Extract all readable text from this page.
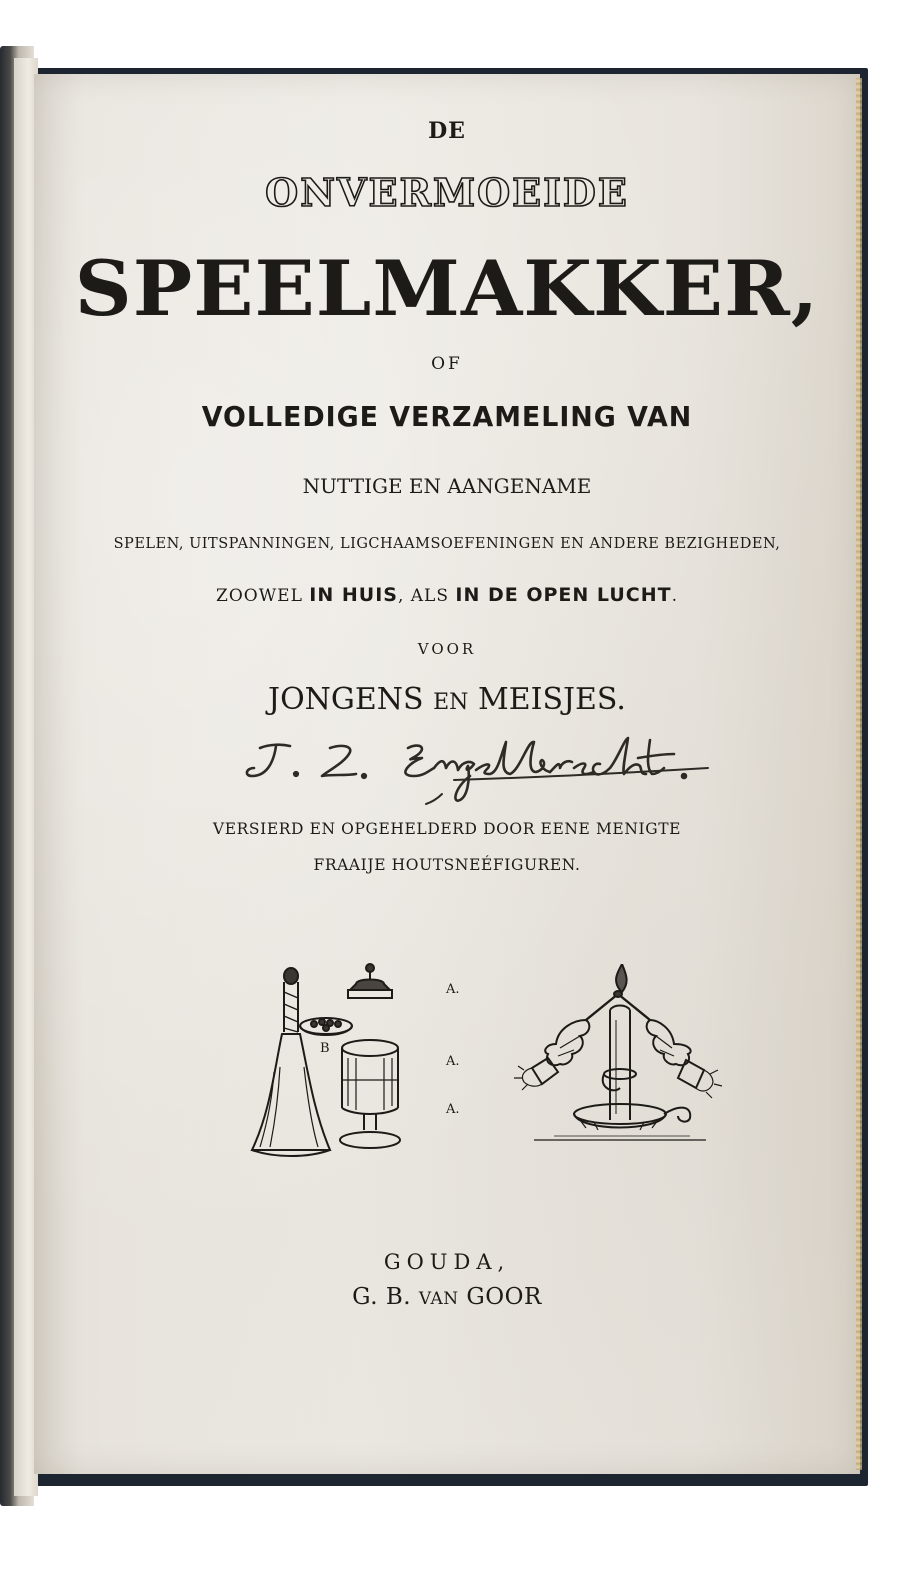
DE
ONVERMOEIDE
SPEELMAKKER,
OF
VOLLEDIGE VERZAMELING VAN
NUTTIGE EN AANGENAME
SPELEN, UITSPANNINGEN, LIGCHAAMSOEFENINGEN EN ANDERE BEZIGHEDEN,
ZOOWEL IN HUIS, ALS IN DE OPEN LUCHT.
VOOR
JONGENS EN MEISJES.
VERSIERD EN OPGEHELDERD DOOR EENE MENIGTE
FRAAIJE HOUTSNEÉFIGUREN.
A.
B
A.
A.
GOUDA,
G. B. VAN GOOR
